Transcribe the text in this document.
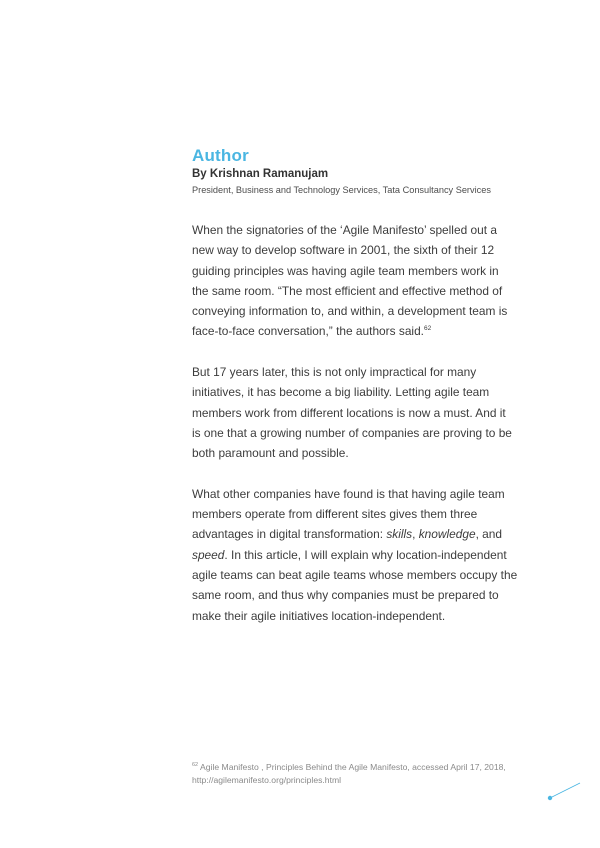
Author

By Krishnan Ramanujam

President, Business and Technology Services, Tata Consultancy Services

When the signatories of the ‘Agile Manifesto’ spelled out a
new way to develop software in 2001, the sixth of their 12
guiding principles was having agile team members work in
the same room. “The most efficient and effective method of
conveying information to, and within, a development team is
face-to-face conversation,” the authors said.$^{62}$

But 17 years later, this is not only impractical for many
initiatives, it has become a big liability. Letting agile team
members work from different locations is now a must. And it
is one that a growing number of companies are proving to be
both paramount and possible.

What other companies have found is that having agile team
members operate from different sites gives them three
advantages in digital transformation: skills, knowledge, and
speed. In this article, I will explain why location-independent
agile teams can beat agile teams whose members occupy the
same room, and thus why companies must be prepared to
make their agile initiatives location-independent.

$^{62}$ Agile Manifesto , Principles Behind the Agile Manifesto, accessed April 17, 2018,
http://agilemanifesto.org/principles.html
